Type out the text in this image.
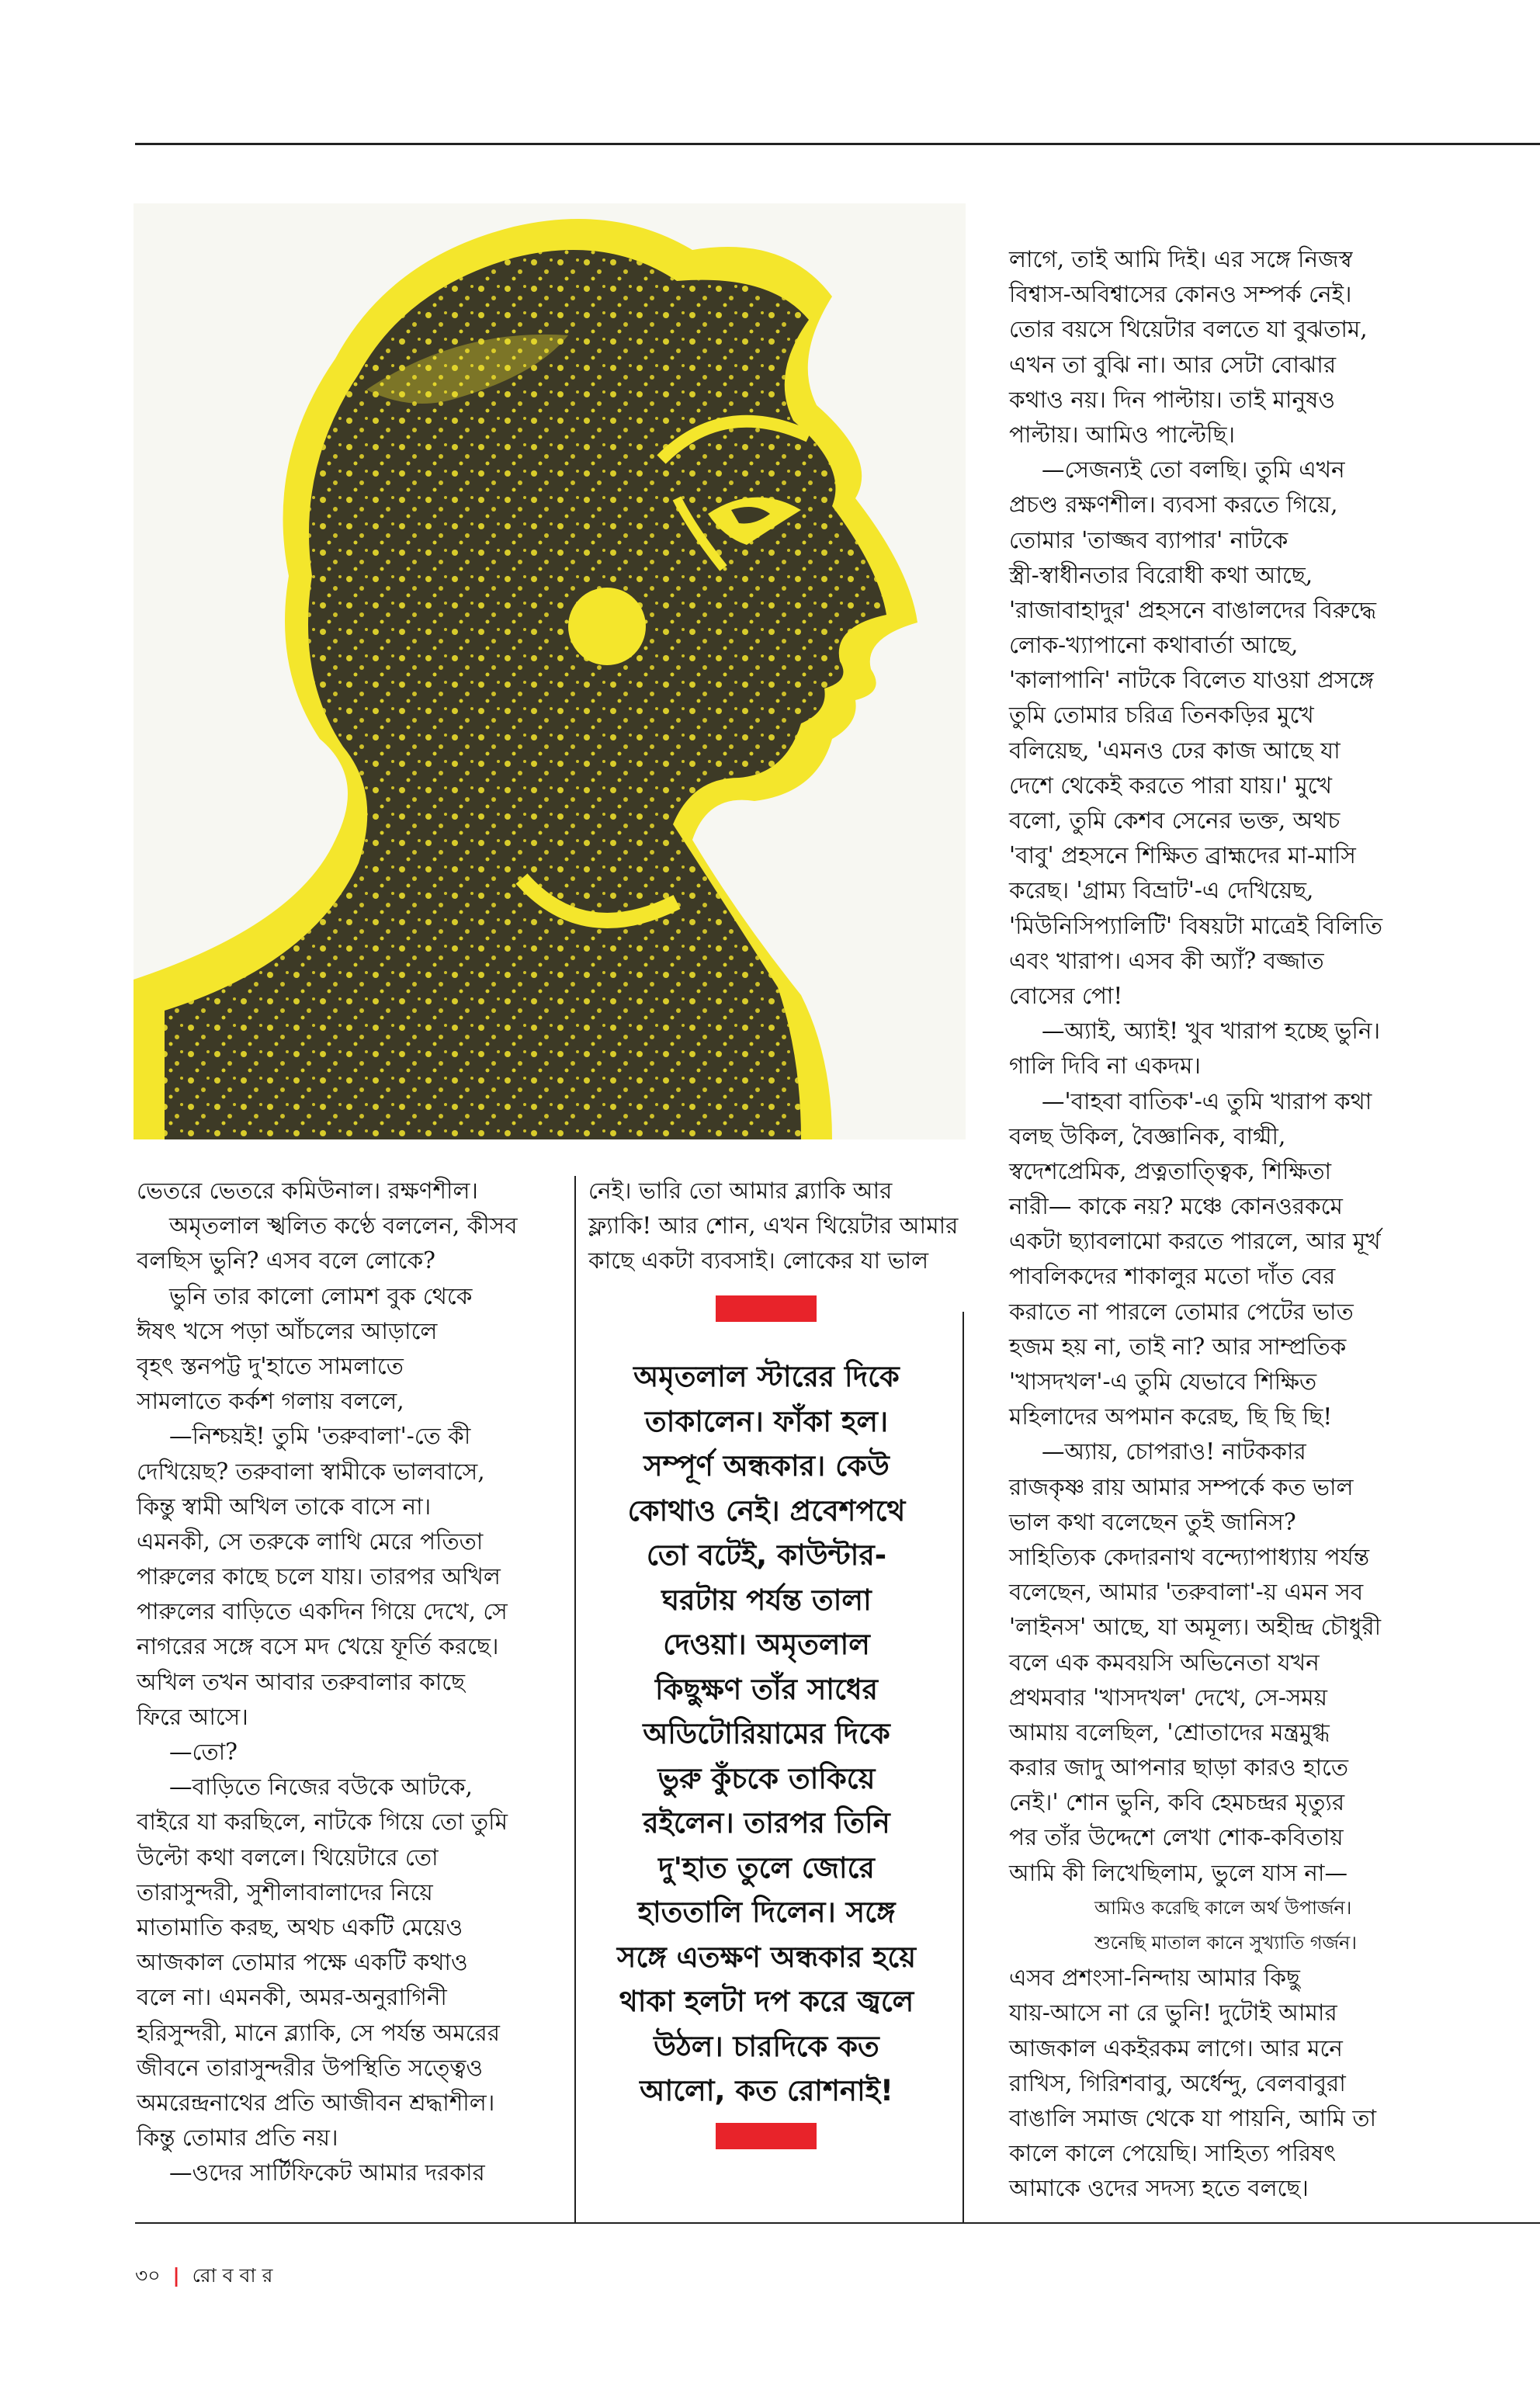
ভেতরে ভেতরে কমিউনাল। রক্ষণশীল।
অমৃতলাল স্খলিত কণ্ঠে বললেন, কীসব
বলছিস ভুনি? এসব বলে লোকে?
ভুনি তার কালো লোমশ বুক থেকে
ঈষৎ খসে পড়া আঁচলের আড়ালে
বৃহৎ স্তনপট্ট দু'হাতে সামলাতে
সামলাতে কর্কশ গলায় বললে,
—নিশ্চয়ই! তুমি 'তরুবালা'-তে কী
দেখিয়েছ? তরুবালা স্বামীকে ভালবাসে,
কিন্তু স্বামী অখিল তাকে বাসে না।
এমনকী, সে তরুকে লাথি মেরে পতিতা
পারুলের কাছে চলে যায়। তারপর অখিল
পারুলের বাড়িতে একদিন গিয়ে দেখে, সে
নাগরের সঙ্গে বসে মদ খেয়ে ফূর্তি করছে।
অখিল তখন আবার তরুবালার কাছে
ফিরে আসে।
—তো?
—বাড়িতে নিজের বউকে আটকে,
বাইরে যা করছিলে, নাটকে গিয়ে তো তুমি
উল্টো কথা বললে। থিয়েটারে তো
তারাসুন্দরী, সুশীলাবালাদের নিয়ে
মাতামাতি করছ, অথচ একটি মেয়েও
আজকাল তোমার পক্ষে একটি কথাও
বলে না। এমনকী, অমর-অনুরাগিনী
হরিসুন্দরী, মানে ব্ল্যাকি, সে পর্যন্ত অমরের
জীবনে তারাসুন্দরীর উপস্থিতি সত্ত্বেও
অমরেন্দ্রনাথের প্রতি আজীবন শ্রদ্ধাশীল।
কিন্তু তোমার প্রতি নয়।
—ওদের সার্টিফিকেট আমার দরকার
নেই। ভারি তো আমার ব্ল্যাকি আর
ফ্ল্যাকি! আর শোন, এখন থিয়েটার আমার
কাছে একটা ব্যবসাই। লোকের যা ভাল
অমৃতলাল স্টারের দিকে
তাকালেন। ফাঁকা হল।
সম্পূর্ণ অন্ধকার। কেউ
কোথাও নেই। প্রবেশপথে
তো বটেই, কাউন্টার-
ঘরটায় পর্যন্ত তালা
দেওয়া। অমৃতলাল
কিছুক্ষণ তাঁর সাধের
অডিটোরিয়ামের দিকে
ভুরু কুঁচকে তাকিয়ে
রইলেন। তারপর তিনি
দু'হাত তুলে জোরে
হাততালি দিলেন। সঙ্গে
সঙ্গে এতক্ষণ অন্ধকার হয়ে
থাকা হলটা দপ করে জ্বলে
উঠল। চারদিকে কত
আলো, কত রোশনাই!
লাগে, তাই আমি দিই। এর সঙ্গে নিজস্ব
বিশ্বাস-অবিশ্বাসের কোনও সম্পর্ক নেই।
তোর বয়সে থিয়েটার বলতে যা বুঝতাম,
এখন তা বুঝি না। আর সেটা বোঝার
কথাও নয়। দিন পাল্টায়। তাই মানুষও
পাল্টায়। আমিও পাল্টেছি।
—সেজন্যই তো বলছি। তুমি এখন
প্রচণ্ড রক্ষণশীল। ব্যবসা করতে গিয়ে,
তোমার 'তাজ্জব ব্যাপার' নাটকে
স্ত্রী-স্বাধীনতার বিরোধী কথা আছে,
'রাজাবাহাদুর' প্রহসনে বাঙালদের বিরুদ্ধে
লোক-খ্যাপানো কথাবার্তা আছে,
'কালাপানি' নাটকে বিলেত যাওয়া প্রসঙ্গে
তুমি তোমার চরিত্র তিনকড়ির মুখে
বলিয়েছ, 'এমনও ঢের কাজ আছে যা
দেশে থেকেই করতে পারা যায়।' মুখে
বলো, তুমি কেশব সেনের ভক্ত, অথচ
'বাবু' প্রহসনে শিক্ষিত ব্রাহ্মদের মা-মাসি
করেছ। 'গ্রাম্য বিভ্রাট'-এ দেখিয়েছ,
'মিউনিসিপ্যালিটি' বিষয়টা মাত্রেই বিলিতি
এবং খারাপ। এসব কী অ্যাঁ? বজ্জাত
বোসের পো!
—অ্যাই, অ্যাই! খুব খারাপ হচ্ছে ভুনি।
গালি দিবি না একদম।
—'বাহবা বাতিক'-এ তুমি খারাপ কথা
বলছ উকিল, বৈজ্ঞানিক, বাগ্মী,
স্বদেশপ্রেমিক, প্রত্নতাত্ত্বিক, শিক্ষিতা
নারী— কাকে নয়? মঞ্চে কোনওরকমে
একটা ছ্যাবলামো করতে পারলে, আর মূর্খ
পাবলিকদের শাকালুর মতো দাঁত বের
করাতে না পারলে তোমার পেটের ভাত
হজম হয় না, তাই না? আর সাম্প্রতিক
'খাসদখল'-এ তুমি যেভাবে শিক্ষিত
মহিলাদের অপমান করেছ, ছি ছি ছি!
—অ্যায়, চোপরাও! নাটককার
রাজকৃষ্ণ রায় আমার সম্পর্কে কত ভাল
ভাল কথা বলেছেন তুই জানিস?
সাহিত্যিক কেদারনাথ বন্দ্যোপাধ্যায় পর্যন্ত
বলেছেন, আমার 'তরুবালা'-য় এমন সব
'লাইনস' আছে, যা অমূল্য। অহীন্দ্র চৌধুরী
বলে এক কমবয়সি অভিনেতা যখন
প্রথমবার 'খাসদখল' দেখে, সে-সময়
আমায় বলেছিল, 'শ্রোতাদের মন্ত্রমুগ্ধ
করার জাদু আপনার ছাড়া কারও হাতে
নেই।' শোন ভুনি, কবি হেমচন্দ্রর মৃত্যুর
পর তাঁর উদ্দেশে লেখা শোক-কবিতায়
আমি কী লিখেছিলাম, ভুলে যাস না—
আমিও করেছি কালে অর্থ উপার্জন।
শুনেছি মাতাল কানে সুখ্যাতি গর্জন।
এসব প্রশংসা-নিন্দায় আমার কিছু
যায়-আসে না রে ভুনি! দুটোই আমার
আজকাল একইরকম লাগে। আর মনে
রাখিস, গিরিশবাবু, অর্ধেন্দু, বেলবাবুরা
বাঙালি সমাজ থেকে যা পায়নি, আমি তা
কালে কালে পেয়েছি। সাহিত্য পরিষৎ
আমাকে ওদের সদস্য হতে বলছে।
৩০ | রো ব বা র
